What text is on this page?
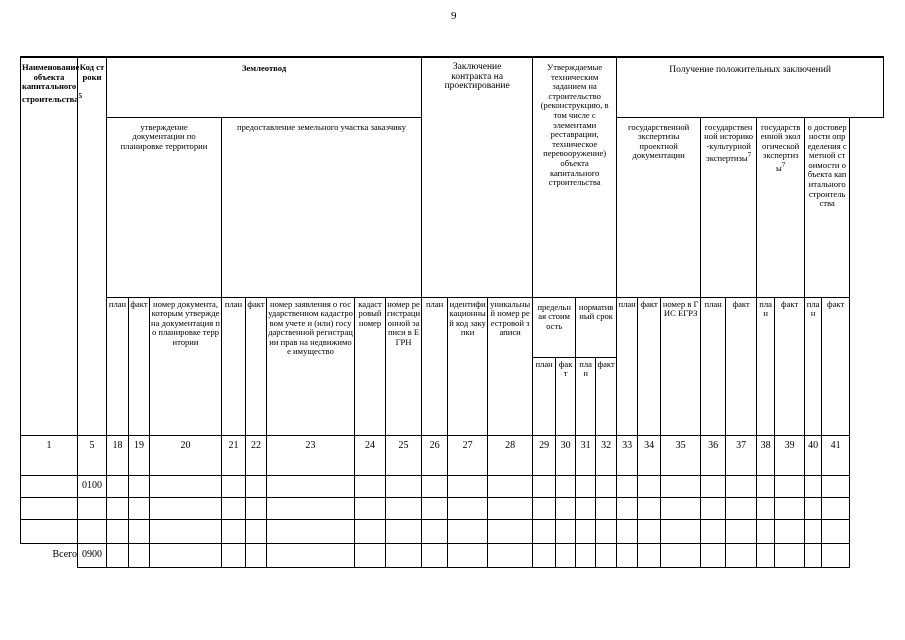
9
Наименование объекта капитального строительства$^5$	Код строки	Землеотвод								Заключение контракта на проектирование			Утверждаемые техническим заданием на строительство (реконструкцию, в том числе с элементами реставрации, техническое перевооружение) объекта капитального строительства				Получение положительных заключений								
		утверждение документации по планировке территории			предоставление земельного участка заказчику												государственной экспертизы проектной документации			государственной историко-культурной экспертизы$^7$		государственной экологической экспертизы$^7$		о достоверности определения сметной стоимости объекта капитального строительства	
		план	факт	номер документа, которым утверждена документация по планировке территории	план	факт	номер заявления о государственном кадастровом учете и (или) государственной регистрации прав на недвижимое имущество	кадастровый номер	номер регистрационной записи в ЕГРН	план	идентификационный код закупки	уникальный номер реестровой записи	предельная стоимость		нормативный срок		план	факт	номер в ГИС ЕГРЗ	план	факт	план	факт	план	факт
													план	факт	план	факт									
1	5	18	19	20	21	22	23	24	25	26	27	28	29	30	31	32	33	34	35	36	37	38	39	40	41
	0100																								

Всего	0900																								
